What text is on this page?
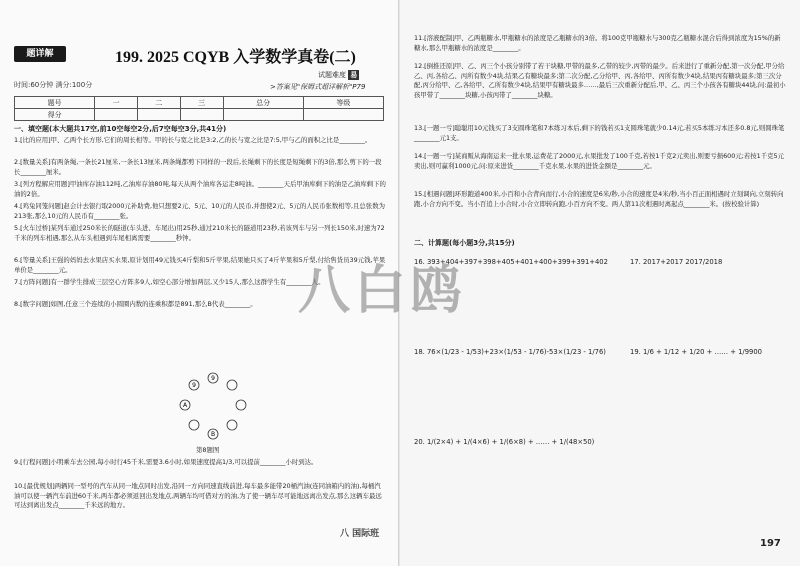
题详解	199. 2025 CQYB 入学数学真卷(二)
试题难度 易
时间:60分钟 满分:100分	>答案见"保姆式超详解析"P79
题号	一	二	三	总分	等级
得分					
一、填空题(本大题共17空,前10空每空2分,后7空每空3分,共41分)
1.[比的应用]甲、乙两个长方形,它们的周长相等。甲的长与宽之比是3:2,乙的长与宽之比是7:5,甲与乙的面积之比是________。
2.[数量关系]有两条绳,一条长21厘米,一条长13厘米,两条绳都剪下同样的一段后,长绳剩下的长度是短绳剩下的3倍,那么剪下的一段长________厘米。
3.[列方程解应用题]甲油库存油112吨,乙油库存油80吨,每天从两个油库各运走8吨油。________天后甲油库剩下的油是乙油库剩下的油的2倍。
4.[鸡兔同笼问题]赵会计去银行取2000元补助费,他只想要2元、5元、10元的人民币,并想使2元、5元的人民币张数相等,且总张数为213张,那么10元的人民币有________张。
5.[火车过桥]某列车通过250米长的隧道(车头进、车尾出)用25秒,通过210米长的隧道用23秒,若该列车与另一列长150米,时速为72千米的列车相遇,那么从车头相遇到车尾相离需要________秒钟。
6.[等量关系]王强的妈妈去水果店买水果,原计划用49元钱买4斤梨和5斤苹果,结果她只买了4斤苹果和5斤梨,付给售货员39元钱,苹果单价是________元。
7.[方阵问题]有一群学生排成三层空心方阵多9人,如空心部分增加两层,又少15人,那么这群学生有________人。
8.[数字问题]如图,任意三个连续的小圆圈内数的连乘积都是891,那么B代表________。
9
9
A
B
第8题图
9.[行程问题]小明乘车去公园,每小时行45千米,需要3.6小时,如果速度提高1/3,可以提前________小时到达。
10.[最优规划]两辆同一型号的汽车从同一地点同时出发,沿同一方向同速直线前进,每车最多能带20桶汽油(连同油箱内的油),每桶汽油可以使一辆汽车前进60千米,两车都必须返回出发地点,两辆车均可借对方的油,为了使一辆车尽可能地远离出发点,那么这辆车最远可达到离出发点________千米远的地方。
11.[溶液配制]甲、乙两瓶糖水,甲瓶糖水的浓度是乙瓶糖水的3倍。将100克甲瓶糖水与300克乙瓶糖水混合后得到浓度为15%的新糖水,那么甲瓶糖水的浓度是________。
12.[倒推还原]甲、乙、丙三个小孩分别带了若干块糖,甲带的最多,乙带的较少,丙带的最少。后来进行了重新分配,第一次分配,甲分给乙、丙,各给乙、丙所有数少4块,结果乙有糖块最多;第二次分配,乙分给甲、丙,各给甲、丙所有数少4块,结果丙有糖块最多;第三次分配,丙分给甲、乙,各给甲、乙所有数少4块,结果甲有糖块最多……,最后三次重新分配后,甲、乙、丙三个小孩各有糖块44块,问:最初小孩甲带了________块糖,小孩丙带了________块糖。
13.[一题一亏]聪聪用10元钱买了3支圆珠笔和7本练习本后,剩下的钱若买1支圆珠笔就少0.14元,若买5本练习本还多0.8元,则圆珠笔________元1支。
14.[一题一亏]某商贩从海南运来一批水果,运费花了2000元,水果批发了100千克,若按1千克2元卖出,则要亏损600元;若按1千克5元卖出,则可赢利1000元,问:原来进货________千克水果,水果的进货金额是________元。
15.[相遇问题]环形跑道400米,小百和小合背向而行,小合的速度是6米/秒,小合的速度是4米/秒,当小百正面相遇时立刻调向,立刻转向跑,小合方向不变。当小百追上小合时,小合立即转向跑,小百方向不变。两人第11次相遇时离起点________米。(按校验计算)
二、计算题(每小题3分,共15分)
16. 393+404+397+398+405+401+400+399+391+402	17. 2017+2017 2017/2018
18. 76×(1/23 - 1/53)+23×(1/53 - 1/76)-53×(1/23 - 1/76)	19. 1/6 + 1/12 + 1/20 + …… + 1/9900
20. 1/(2×4) + 1/(4×6) + 1/(6×8) + …… + 1/(48×50)
197
八白鸥
八 国际班
